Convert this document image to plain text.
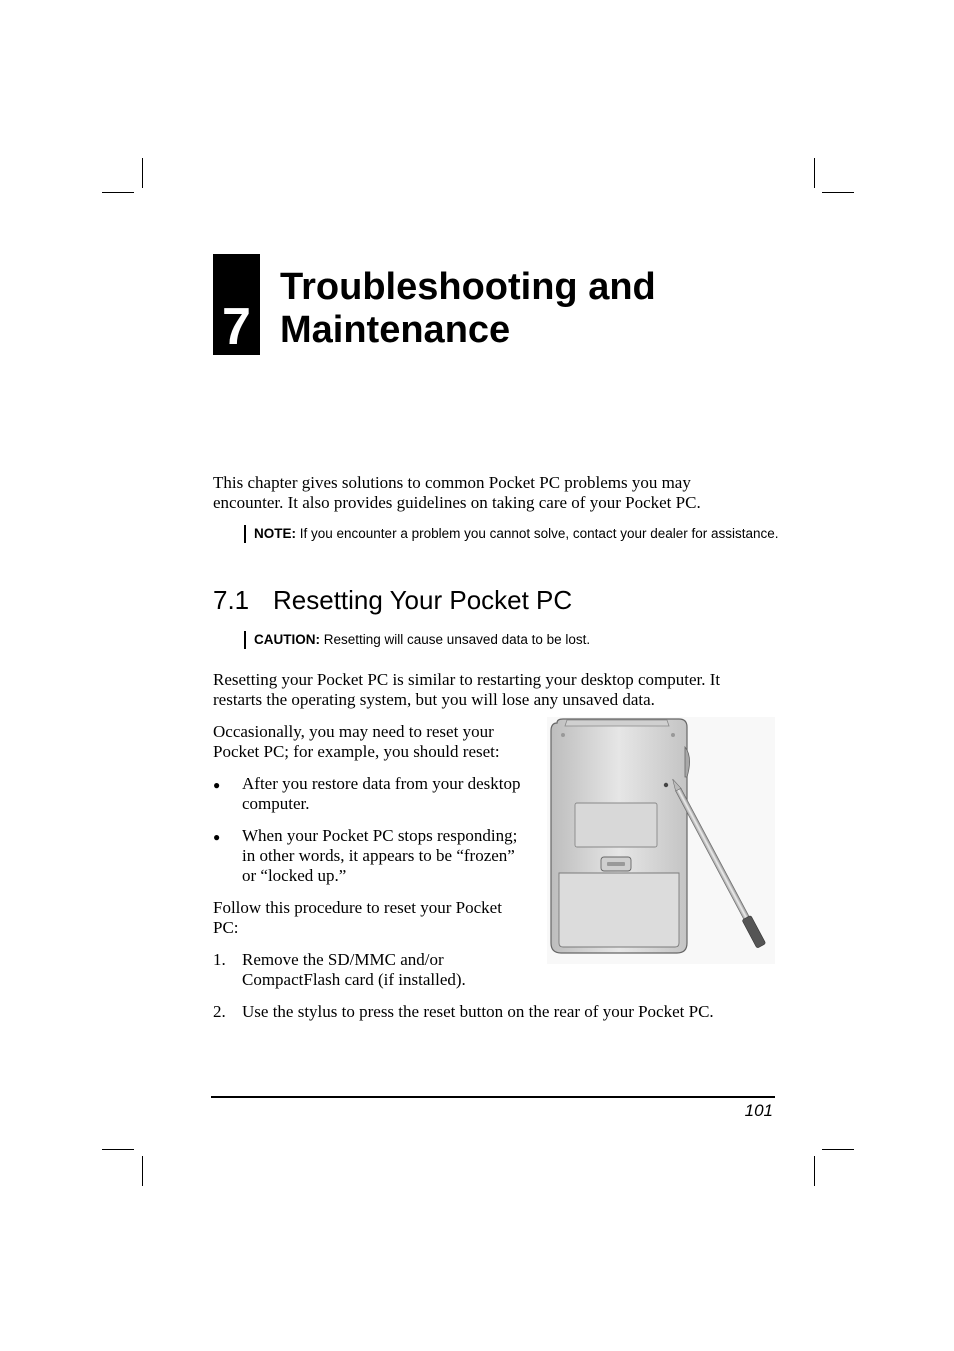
7
Troubleshooting and
Maintenance

This chapter gives solutions to common Pocket PC problems you may encounter. It also provides guidelines on taking care of your Pocket PC.

NOTE: If you encounter a problem you cannot solve, contact your dealer for assistance.
7.1 Resetting Your Pocket PC
CAUTION: Resetting will cause unsaved data to be lost.

Resetting your Pocket PC is similar to restarting your desktop computer. It restarts the operating system, but you will lose any unsaved data.

Occasionally, you may need to reset your Pocket PC; for example, you should reset:

● After you restore data from your desktop computer.
● When your Pocket PC stops responding; in other words, it appears to be “frozen” or “locked up.”

Follow this procedure to reset your Pocket PC:

1. Remove the SD/MMC and/or CompactFlash card (if installed).
2. Use the stylus to press the reset button on the rear of your Pocket PC.
101
